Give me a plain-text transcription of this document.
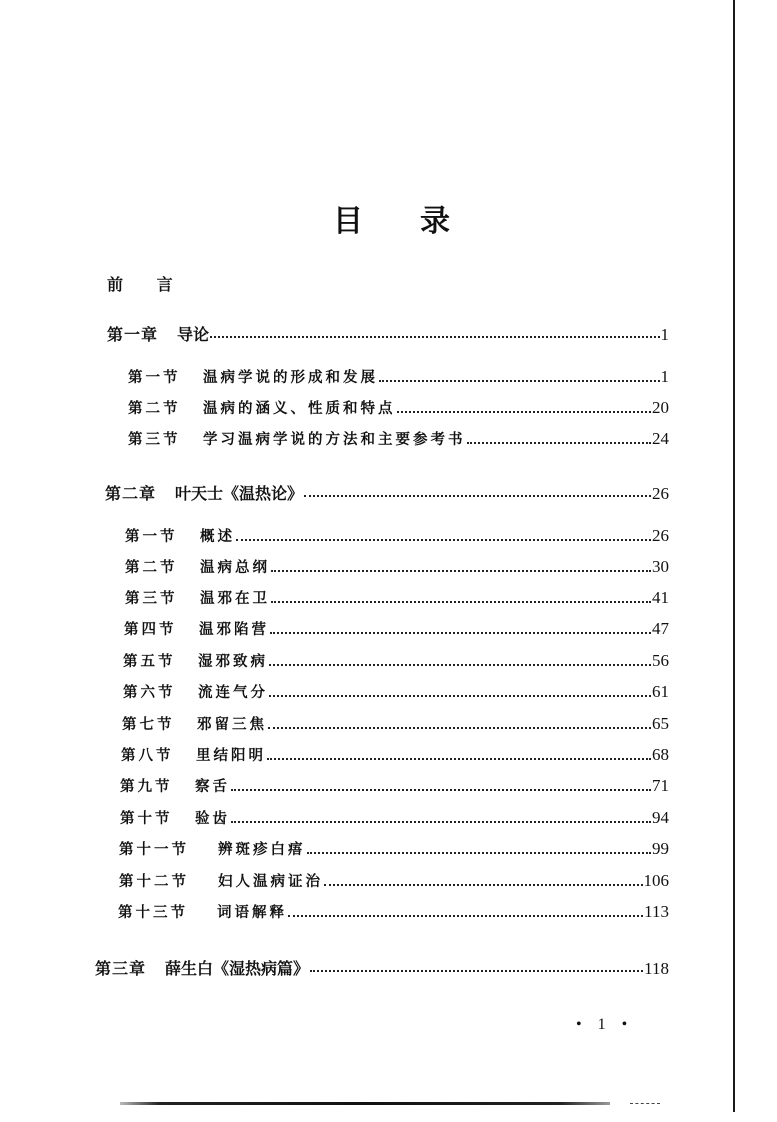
目 录
前 言
第一章	导论	1
第一节	温病学说的形成和发展	1
第二节	温病的涵义、性质和特点	20
第三节	学习温病学说的方法和主要参考书	24
第二章	叶天士《温热论》	26
第一节	概述	26
第二节	温病总纲	30
第三节	温邪在卫	41
第四节	温邪陷营	47
第五节	湿邪致病	56
第六节	流连气分	61
第七节	邪留三焦	65
第八节	里结阳明	68
第九节	察舌	71
第十节	验齿	94
第十一节	辨斑疹白痦	99
第十二节	妇人温病证治	106
第十三节	词语解释	113
第三章	薛生白《湿热病篇》	118
• 1 •
